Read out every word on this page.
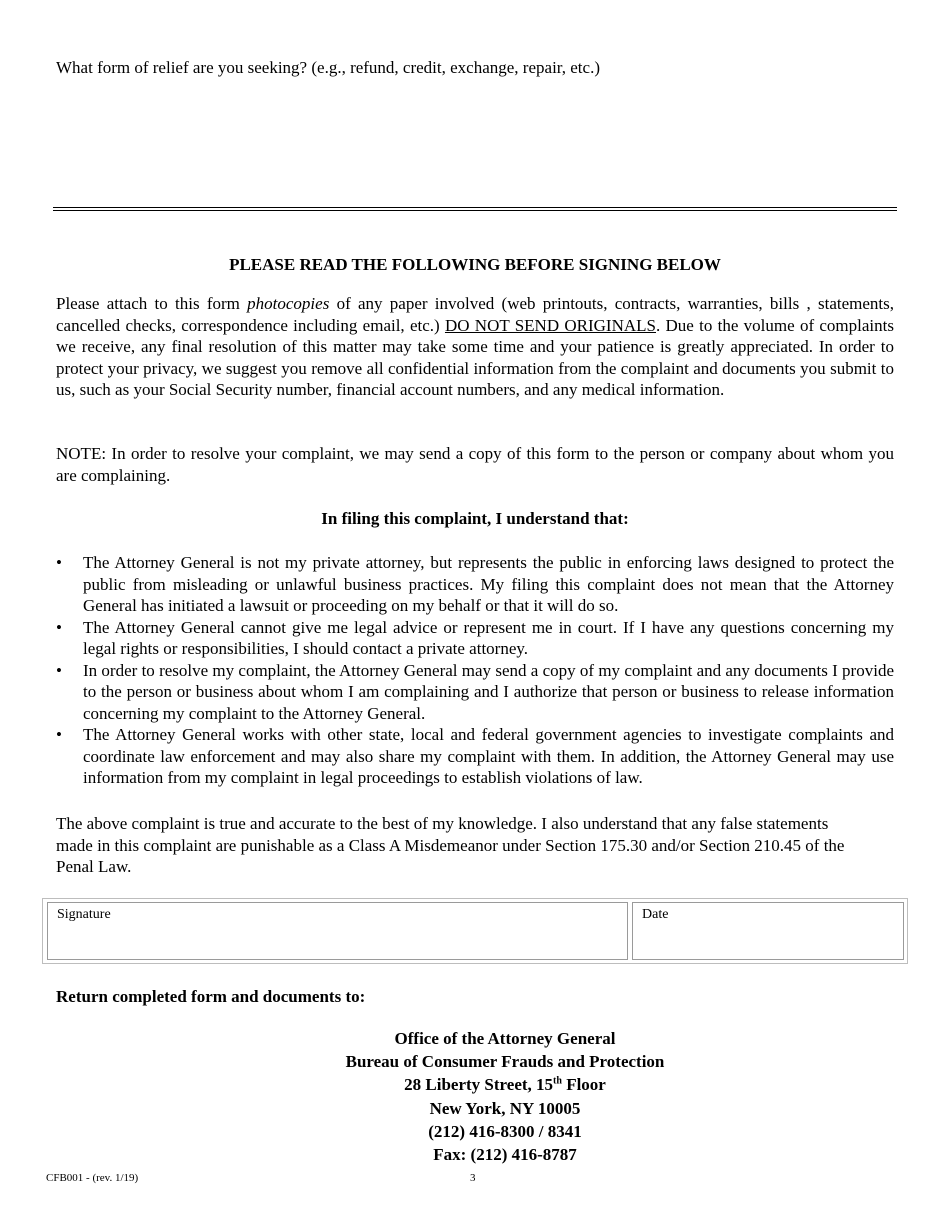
What form of relief are you seeking? (e.g., refund, credit, exchange, repair, etc.)
PLEASE READ THE FOLLOWING BEFORE SIGNING BELOW
Please attach to this form photocopies of any paper involved (web printouts, contracts, warranties, bills , statements, cancelled checks, correspondence including email, etc.) DO NOT SEND ORIGINALS. Due to the volume of complaints we receive, any final resolution of this matter may take some time and your patience is greatly appreciated. In order to protect your privacy, we suggest you remove all confidential information from the complaint and documents you submit to us, such as your Social Security number, financial account numbers, and any medical information.
NOTE: In order to resolve your complaint, we may send a copy of this form to the person or company about whom you are complaining.
In filing this complaint, I understand that:
• The Attorney General is not my private attorney, but represents the public in enforcing laws designed to protect the public from misleading or unlawful business practices. My filing this complaint does not mean that the Attorney General has initiated a lawsuit or proceeding on my behalf or that it will do so.
• The Attorney General cannot give me legal advice or represent me in court. If I have any questions concerning my legal rights or responsibilities, I should contact a private attorney.
• In order to resolve my complaint, the Attorney General may send a copy of my complaint and any documents I provide to the person or business about whom I am complaining and I authorize that person or business to release information concerning my complaint to the Attorney General.
• The Attorney General works with other state, local and federal government agencies to investigate complaints and coordinate law enforcement and may also share my complaint with them. In addition, the Attorney General may use information from my complaint in legal proceedings to establish violations of law.
The above complaint is true and accurate to the best of my knowledge. I also understand that any false statements made in this complaint are punishable as a Class A Misdemeanor under Section 175.30 and/or Section 210.45 of the Penal Law.
Signature	Date
Return completed form and documents to:
Office of the Attorney General
Bureau of Consumer Frauds and Protection
28 Liberty Street, 15th Floor
New York, NY 10005
(212) 416-8300 / 8341
Fax: (212) 416-8787
CFB001 - (rev. 1/19)	3
